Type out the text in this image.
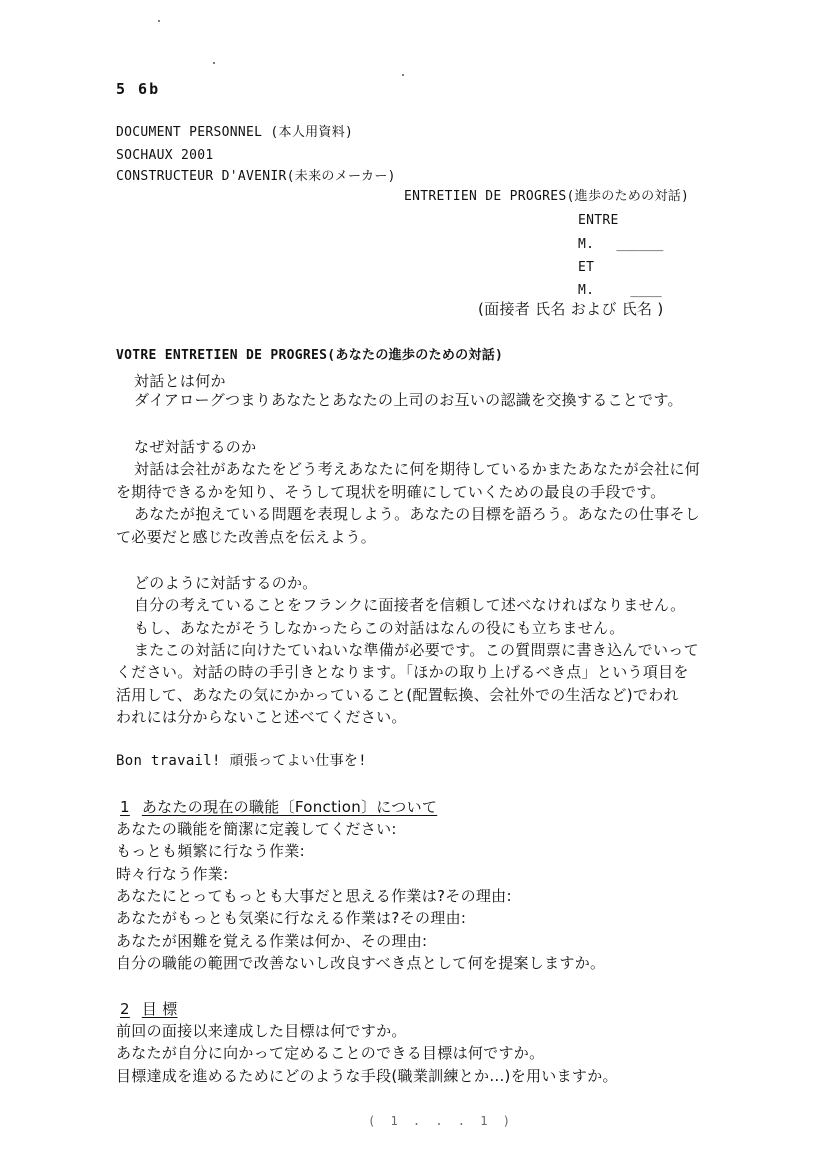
5 6b
DOCUMENT PERSONNEL (本人用資料)
SOCHAUX 2001
CONSTRUCTEUR D'AVENIR(未来のメーカー)
ENTRETIEN DE PROGRES(進歩のための対話)
ENTRE
M. ______
ET
M.	____
(面接者 氏名 および 氏名 )
VOTRE ENTRETIEN DE PROGRES(あなたの進歩のための対話)
対話とは何か
ダイアローグつまりあなたとあなたの上司のお互いの認識を交換することです。
なぜ対話するのか
対話は会社があなたをどう考えあなたに何を期待しているかまたあなたが会社に何
を期待できるかを知り、そうして現状を明確にしていくための最良の手段です。
あなたが抱えている問題を表現しよう。あなたの目標を語ろう。あなたの仕事そし
て必要だと感じた改善点を伝えよう。
どのように対話するのか。
自分の考えていることをフランクに面接者を信頼して述べなければなりません。
もし、あなたがそうしなかったらこの対話はなんの役にも立ちません。
またこの対話に向けたていねいな準備が必要です。この質問票に書き込んでいって
ください。対話の時の手引きとなります。「ほかの取り上げるべき点」という項目を
活用して、あなたの気にかかっていること(配置転換、会社外での生活など)でわれ
われには分からないこと述べてください。
Bon travail! 頑張ってよい仕事を!
1 あなたの現在の職能〔Fonction〕について
あなたの職能を簡潔に定義してください:
もっとも頻繁に行なう作業:
時々行なう作業:
あなたにとってもっとも大事だと思える作業は?その理由:
あなたがもっとも気楽に行なえる作業は?その理由:
あなたが困難を覚える作業は何か、その理由:
自分の職能の範囲で改善ないし改良すべき点として何を提案しますか。
2 目 標
前回の面接以来達成した目標は何ですか。
あなたが自分に向かって定めることのできる目標は何ですか。
目標達成を進めるためにどのような手段(職業訓練とか...)を用いますか。
( 1 . . . 1 )
